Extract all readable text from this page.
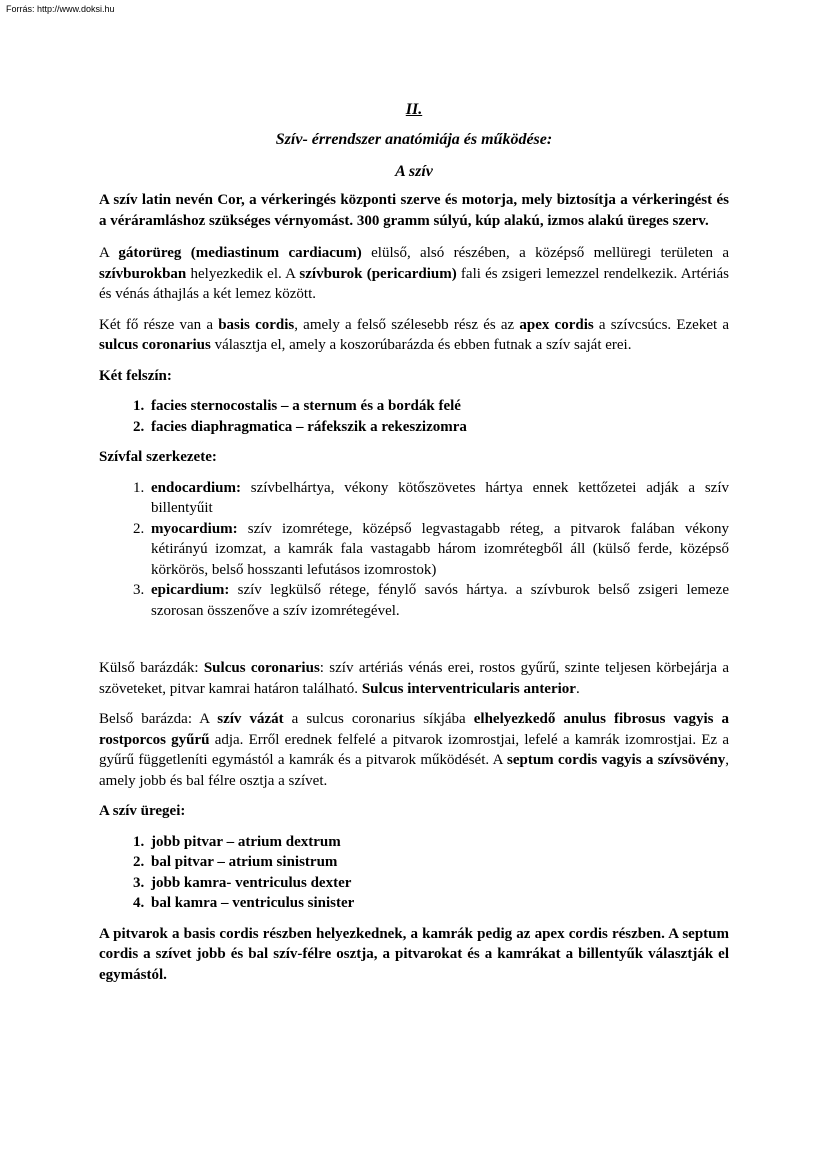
Forrás: http://www.doksi.hu
II.
Szív- érrendszer anatómiája és működése:
A szív

A szív latin nevén Cor, a vérkeringés központi szerve és motorja, mely biztosítja a vérkeringést és a véráramláshoz szükséges vérnyomást. 300 gramm súlyú, kúp alakú, izmos alakú üreges szerv.

A gátorüreg (mediastinum cardiacum) elülső, alsó részében, a középső mellüregi területen a szívburokban helyezkedik el. A szívburok (pericardium) fali és zsigeri lemezzel rendelkezik. Artériás és vénás áthajlás a két lemez között.

Két fő része van a basis cordis, amely a felső szélesebb rész és az apex cordis a szívcsúcs. Ezeket a sulcus coronarius választja el, amely a koszorúbarázda és ebben futnak a szív saját erei.

Két felszín:

1. facies sternocostalis – a sternum és a bordák felé
2. facies diaphragmatica – ráfekszik a rekeszizomra

Szívfal szerkezete:

1. endocardium: szívbelhártya, vékony kötőszövetes hártya ennek kettőzetei adják a szív billentyűit
2. myocardium: szív izomrétege, középső legvastagabb réteg, a pitvarok falában vékony kétirányú izomzat, a kamrák fala vastagabb három izomrétegből áll (külső ferde, középső körkörös, belső hosszanti lefutásos izomrostok)
3. epicardium: szív legkülső rétege, fénylő savós hártya. a szívburok belső zsigeri lemeze szorosan összenőve a szív izomrétegével.

Külső barázdák: Sulcus coronarius: szív artériás vénás erei, rostos gyűrű, szinte teljesen körbejárja a szöveteket, pitvar kamrai határon található. Sulcus interventricularis anterior.

Belső barázda: A szív vázát a sulcus coronarius síkjába elhelyezkedő anulus fibrosus vagyis a rostporcos gyűrű adja. Erről erednek felfelé a pitvarok izomrostjai, lefelé a kamrák izomrostjai. Ez a gyűrű függetleníti egymástól a kamrák és a pitvarok működését. A septum cordis vagyis a szívsövény, amely jobb és bal félre osztja a szívet.

A szív üregei:

1. jobb pitvar – atrium dextrum
2. bal pitvar – atrium sinistrum
3. jobb kamra- ventriculus dexter
4. bal kamra – ventriculus sinister

A pitvarok a basis cordis részben helyezkednek, a kamrák pedig az apex cordis részben. A septum cordis a szívet jobb és bal szív-félre osztja, a pitvarokat és a kamrákat a billentyűk választják el egymástól.
